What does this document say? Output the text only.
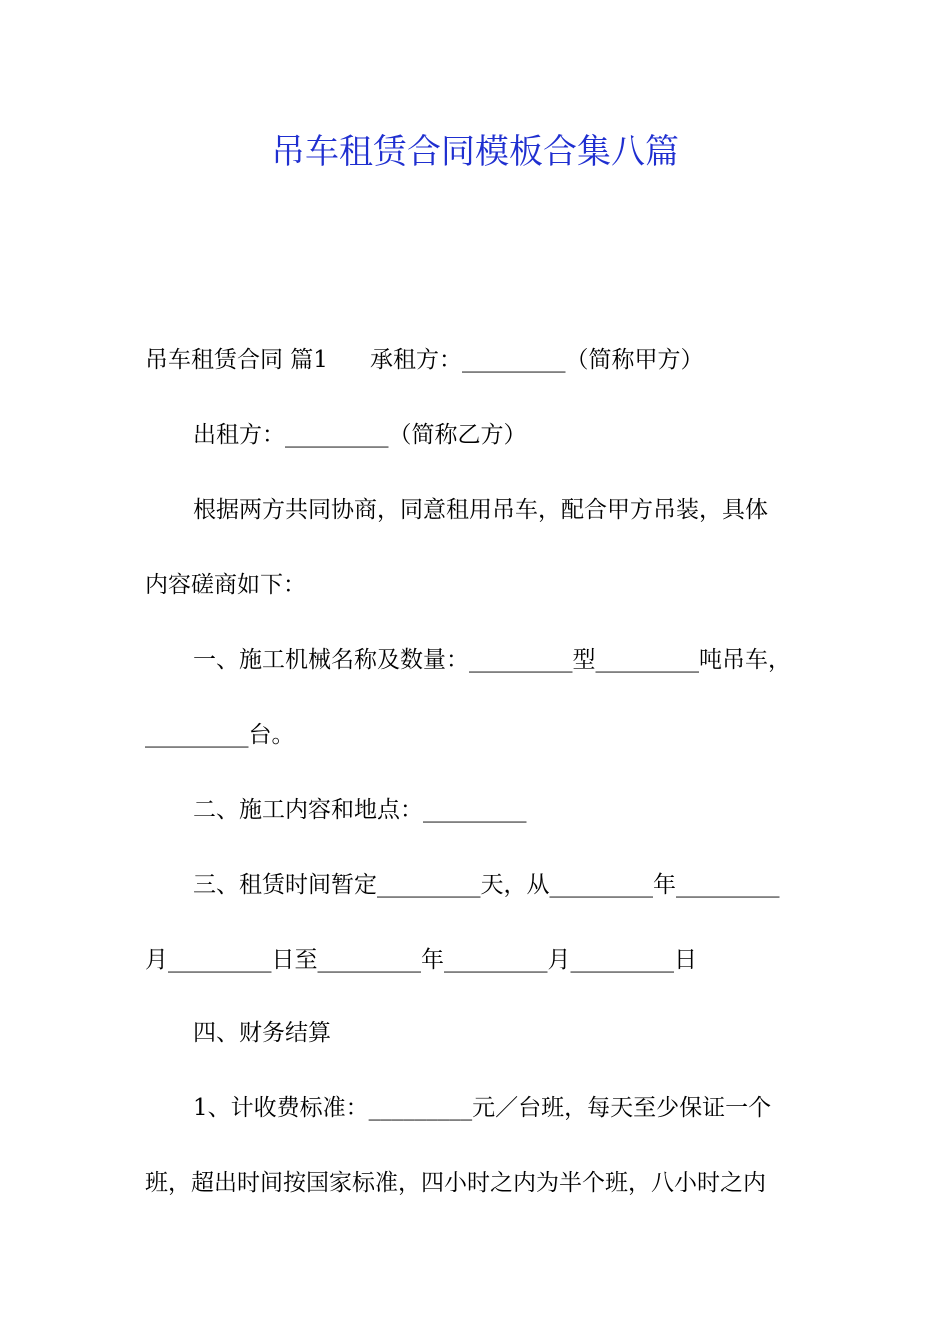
吊车租赁合同模板合集八篇

吊车租赁合同 篇1 承租方：_________（简称甲方）

出租方：_________（简称乙方）

根据两方共同协商，同意租用吊车，配合甲方吊装，具体

内容磋商如下：

一、施工机械名称及数量：_________型_________吨吊车，

_________台。

二、施工内容和地点：_________

三、租赁时间暂定_________天，从_________年_________

月_________日至_________年_________月_________日

四、财务结算

1、计收费标准：_________元／台班，每天至少保证一个

班，超出时间按国家标准，四小时之内为半个班，八小时之内
